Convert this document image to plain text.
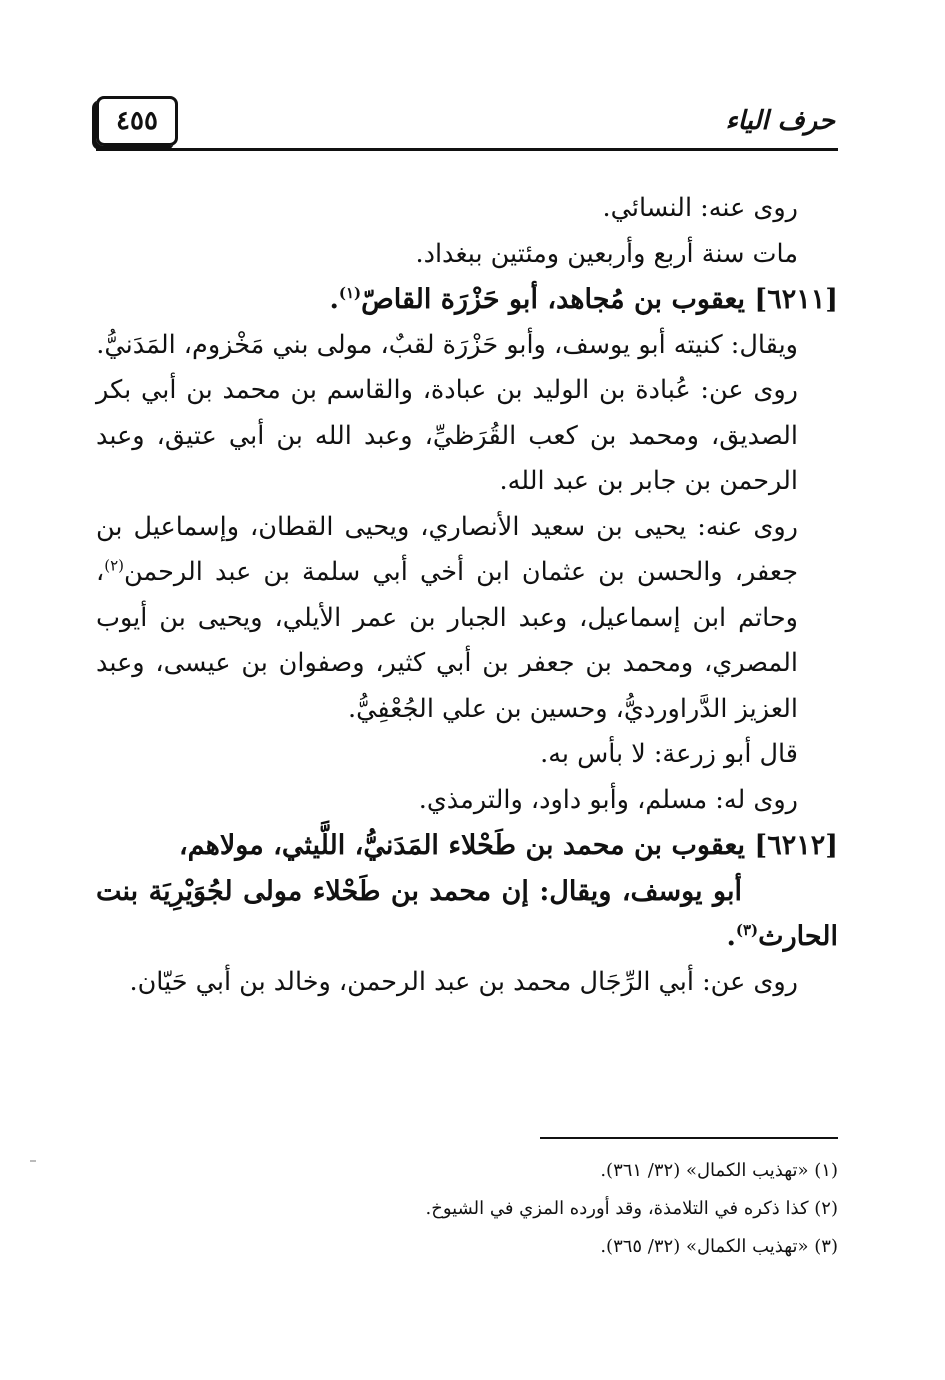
٤٥٥	حرف الياء

روى عنه: النسائي.

مات سنة أربع وأربعين ومئتين ببغداد.

[٦٢١١] يعقوب بن مُجاهد، أبو حَزْرَة القاصّ$^{(١)}$.

ويقال: كنيته أبو يوسف، وأبو حَزْرَة لقبٌ، مولى بني مَخْزوم، المَدَنيُّ.

روى عن: عُبادة بن الوليد بن عبادة، والقاسم بن محمد بن أبي بكر الصديق، ومحمد بن كعب القُرَظيِّ، وعبد الله بن أبي عتيق، وعبد الرحمن بن جابر بن عبد الله.

روى عنه: يحيى بن سعيد الأنصاري، ويحيى القطان، وإسماعيل بن جعفر، والحسن بن عثمان ابن أخي أبي سلمة بن عبد الرحمن$^{(٢)}$، وحاتم ابن إسماعيل، وعبد الجبار بن عمر الأيلي، ويحيى بن أيوب المصري، ومحمد بن جعفر بن أبي كثير، وصفوان بن عيسى، وعبد العزيز الدَّراورديُّ، وحسين بن علي الجُعْفِيُّ.

قال أبو زرعة: لا بأس به.

روى له: مسلم، وأبو داود، والترمذي.

[٦٢١٢] يعقوب بن محمد بن طَحْلاء المَدَنيُّ، اللَّيثي، مولاهم،
أبو يوسف، ويقال: إن محمد بن طَحْلاء مولى لجُوَيْرِيَة بنت الحارث$^{(٣)}$.

روى عن: أبي الرِّجَال محمد بن عبد الرحمن، وخالد بن أبي حَيّان.

(١) «تهذيب الكمال» (٣٢/ ٣٦١).

(٢) كذا ذكره في التلامذة، وقد أورده المزي في الشيوخ.

(٣) «تهذيب الكمال» (٣٢/ ٣٦٥).
